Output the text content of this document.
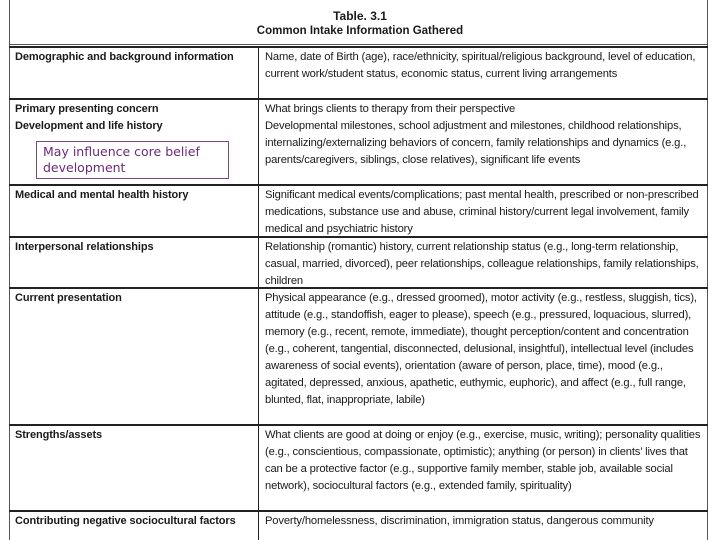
Table. 3.1
Common Intake Information Gathered
Demographic and background information	Name, date of Birth (age), race/ethnicity, spiritual/religious background, level of education, current work/student status, economic status, current living arrangements
Primary presenting concern	What brings clients to therapy from their perspective
Development and life history	Developmental milestones, school adjustment and milestones, childhood relationships, internalizing/externalizing behaviors of concern, family relationships and dynamics (e.g., parents/caregivers, siblings, close relatives), significant life events
Medical and mental health history	Significant medical events/complications; past mental health, prescribed or non-prescribed medications, substance use and abuse, criminal history/current legal involvement, family medical and psychiatric history
Interpersonal relationships	Relationship (romantic) history, current relationship status (e.g., long-term relationship, casual, married, divorced), peer relationships, colleague relationships, family relationships, children
Current presentation	Physical appearance (e.g., dressed groomed), motor activity (e.g., restless, sluggish, tics), attitude (e.g., standoffish, eager to please), speech (e.g., pressured, loquacious, slurred), memory (e.g., recent, remote, immediate), thought perception/content and concentration (e.g., coherent, tangential, disconnected, delusional, insightful), intellectual level (includes awareness of social events), orientation (aware of person, place, time), mood (e.g., agitated, depressed, anxious, apathetic, euthymic, euphoric), and affect (e.g., full range, blunted, flat, inappropriate, labile)
Strengths/assets	What clients are good at doing or enjoy (e.g., exercise, music, writing); personality qualities (e.g., conscientious, compassionate, optimistic); anything (or person) in clients’ lives that can be a protective factor (e.g., supportive family member, stable job, available social network), sociocultural factors (e.g., extended family, spirituality)
Contributing negative sociocultural factors	Poverty/homelessness, discrimination, immigration status, dangerous community
May influence core belief development
